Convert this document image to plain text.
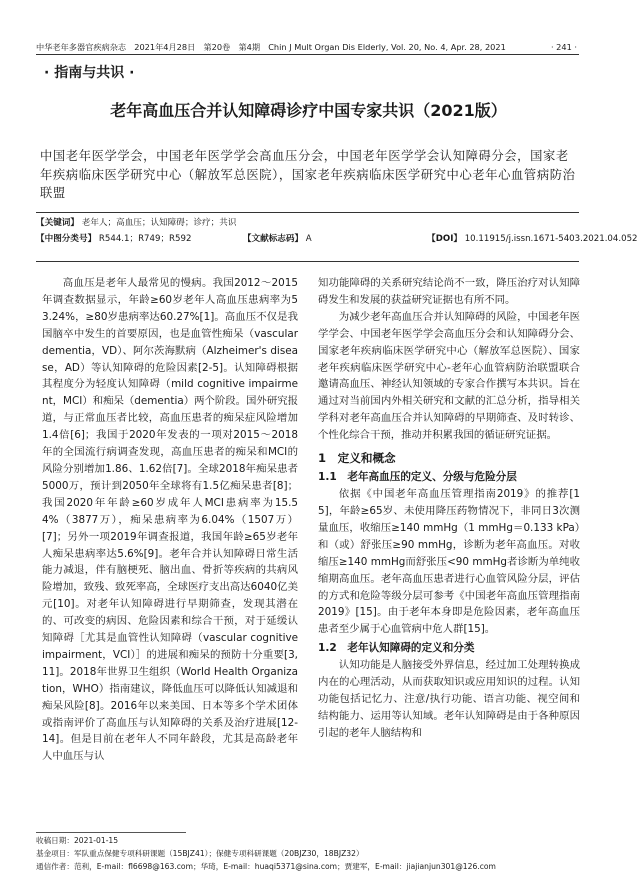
中华老年多器官疾病杂志　2021年4月28日　第20卷　第4期　Chin J Mult Organ Dis Elderly, Vol. 20, No. 4, Apr. 28, 2021	· 241 ·
· 指南与共识 ·
老年高血压合并认知障碍诊疗中国专家共识（2021版）
中国老年医学学会，中国老年医学学会高血压分会，中国老年医学学会认知障碍分会，国家老年疾病临床医学研究中心（解放军总医院），国家老年疾病临床医学研究中心老年心血管病防治联盟
【关键词】 老年人；高血压；认知障碍；诊疗；共识
【中图分类号】 R544.1；R749；R592	【文献标志码】 A	【DOI】 10.11915/j.issn.1671-5403.2021.04.052

高血压是老年人最常见的慢病。我国2012～2015年调查数据显示，年龄≥60岁老年人高血压患病率为53.24%，≥80岁患病率达60.27%[1]。高血压不仅是我国脑卒中发生的首要原因，也是血管性痴呆（vascular dementia，VD）、阿尔茨海默病（Alzheimer's disease，AD）等认知障碍的危险因素[2-5]。认知障碍根据其程度分为轻度认知障碍（mild cognitive impairment，MCI）和痴呆（dementia）两个阶段。国外研究报道，与正常血压者比较，高血压患者的痴呆症风险增加1.4倍[6]；我国于2020年发表的一项对2015～2018年的全国流行病调查发现，高血压患者的痴呆和MCI的风险分别增加1.86、1.62倍[7]。全球2018年痴呆患者5000万，预计到2050年全球将有1.5亿痴呆患者[8]；我国2020年年龄≥60岁成年人MCI患病率为15.54%（3877万），痴呆患病率为6.04%（1507万）[7]；另外一项2019年调查报道，我国年龄≥65岁老年人痴呆患病率达5.6%[9]。老年合并认知障碍日常生活能力减退，伴有脑梗死、脑出血、骨折等疾病的共病风险增加，致残、致死率高，全球医疗支出高达6040亿美元[10]。对老年认知障碍进行早期筛查，发现其潜在的、可改变的病因、危险因素和综合干预，对于延缓认知障碍［尤其是血管性认知障碍（vascular cognitive impairment，VCI）］的进展和痴呆的预防十分重要[3,11]。2018年世界卫生组织（World Health Organization，WHO）指南建议，降低血压可以降低认知减退和痴呆风险[8]。2016年以来美国、日本等多个学术团体或指南评价了高血压与认知障碍的关系及治疗进展[12-14]。但是目前在老年人不同年龄段，尤其是高龄老年人中血压与认

知功能障碍的关系研究结论尚不一致，降压治疗对认知障碍发生和发展的获益研究证据也有所不同。

为减少老年高血压合并认知障碍的风险，中国老年医学学会、中国老年医学学会高血压分会和认知障碍分会、国家老年疾病临床医学研究中心（解放军总医院）、国家老年疾病临床医学研究中心-老年心血管病防治联盟联合邀请高血压、神经认知领域的专家合作撰写本共识。旨在通过对当前国内外相关研究和文献的汇总分析，指导相关学科对老年高血压合并认知障碍的早期筛查、及时转诊、个性化综合干预，推动并积累我国的循证研究证据。

1　定义和概念
1.1　老年高血压的定义、分级与危险分层

依据《中国老年高血压管理指南2019》的推荐[15]，年龄≥65岁、未使用降压药物情况下，非同日3次测量血压，收缩压≥140 mmHg（1 mmHg＝0.133 kPa）和（或）舒张压≥90 mmHg，诊断为老年高血压。对收缩压≥140 mmHg而舒张压<90 mmHg者诊断为单纯收缩期高血压。老年高血压患者进行心血管风险分层，评估的方式和危险等级分层可参考《中国老年高血压管理指南2019》[15]。由于老年本身即是危险因素，老年高血压患者至少属于心血管病中危人群[15]。

1.2　老年认知障碍的定义和分类

认知功能是人脑接受外界信息，经过加工处理转换成内在的心理活动，从而获取知识或应用知识的过程。认知功能包括记忆力、注意/执行功能、语言功能、视空间和结构能力、运用等认知域。老年认知障碍是由于各种原因引起的老年人脑结构和

收稿日期：2021-01-15
基金项目：军队重点保健专项科研课题（15BJZ41）；保健专项科研课题（20BJZ30，18BJZ32）
通信作者：范利，E-mail：fl6698@163.com；华琦，E-mail：huaqi5371@sina.com；贾建军，E-mail：jiajianjun301@126.com
